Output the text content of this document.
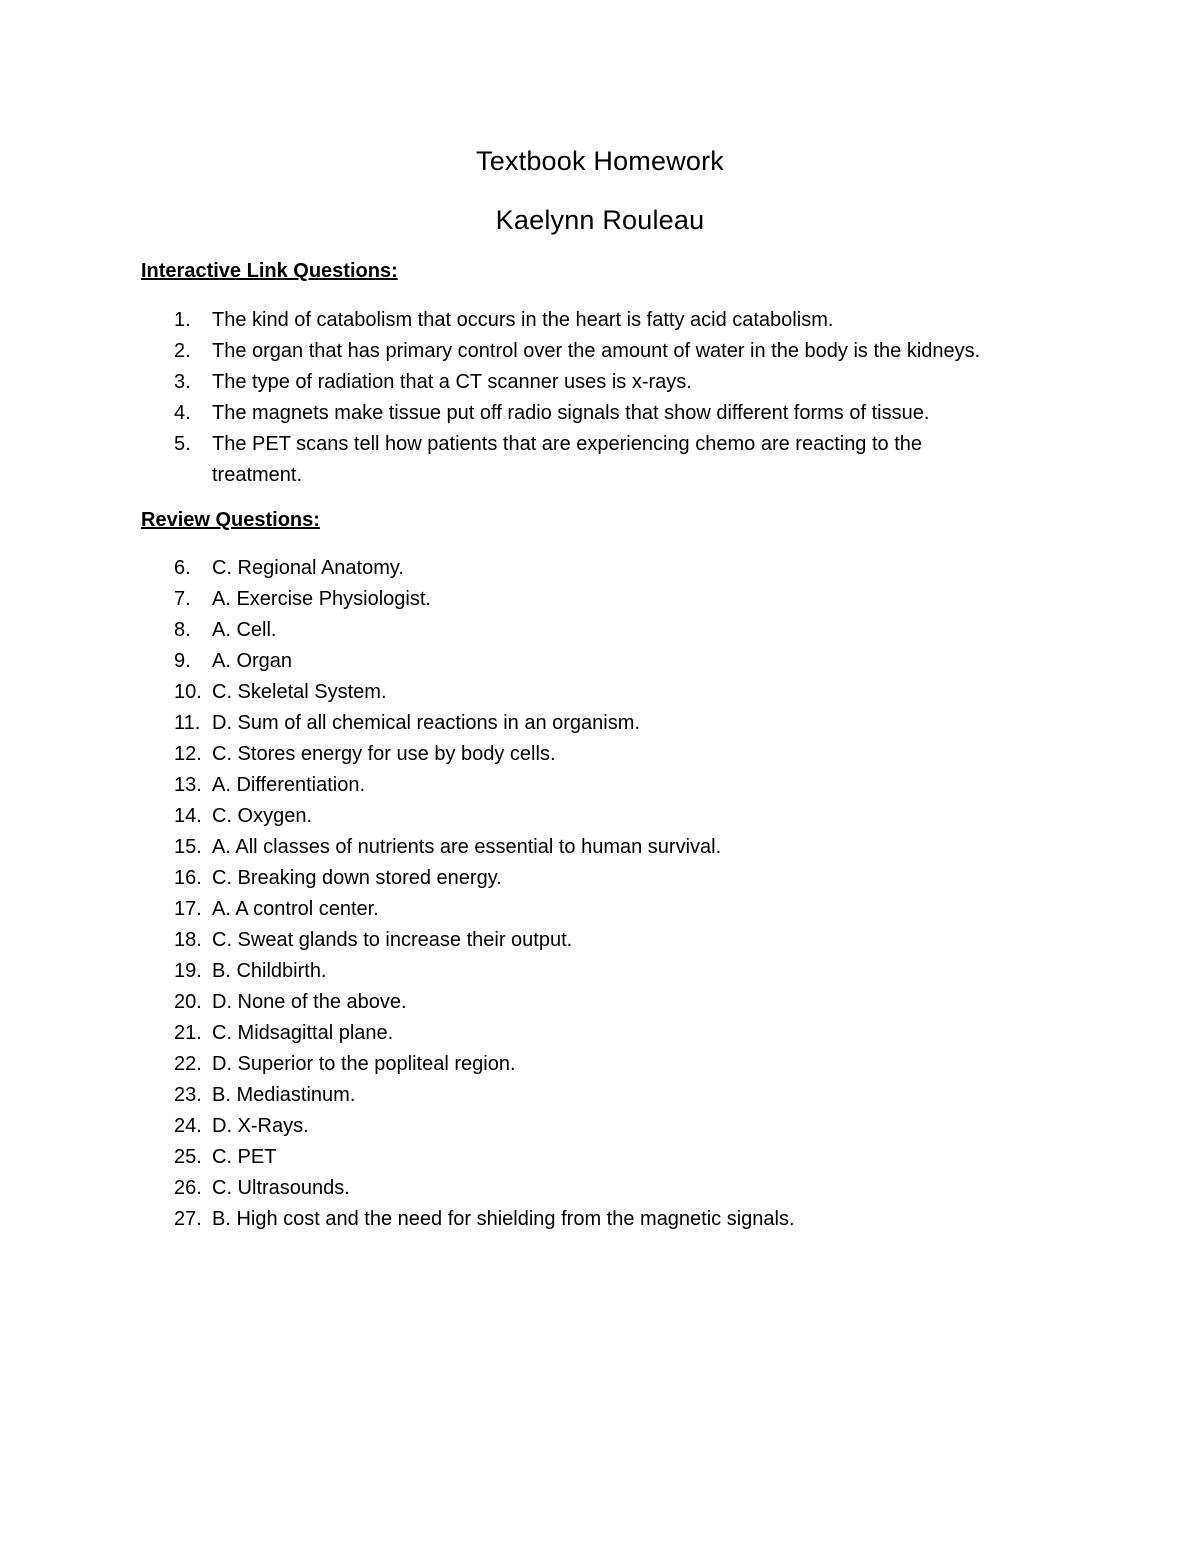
Textbook Homework
Kaelynn Rouleau
Interactive Link Questions:
1. The kind of catabolism that occurs in the heart is fatty acid catabolism.
2. The organ that has primary control over the amount of water in the body is the kidneys.
3. The type of radiation that a CT scanner uses is x-rays.
4. The magnets make tissue put off radio signals that show different forms of tissue.
5. The PET scans tell how patients that are experiencing chemo are reacting to the treatment.
Review Questions:
6. C. Regional Anatomy.
7. A. Exercise Physiologist.
8. A. Cell.
9. A. Organ
10. C. Skeletal System.
11. D. Sum of all chemical reactions in an organism.
12. C. Stores energy for use by body cells.
13. A. Differentiation.
14. C. Oxygen.
15. A. All classes of nutrients are essential to human survival.
16. C. Breaking down stored energy.
17. A. A control center.
18. C. Sweat glands to increase their output.
19. B. Childbirth.
20. D. None of the above.
21. C. Midsagittal plane.
22. D. Superior to the popliteal region.
23. B. Mediastinum.
24. D. X-Rays.
25. C. PET
26. C. Ultrasounds.
27. B. High cost and the need for shielding from the magnetic signals.
